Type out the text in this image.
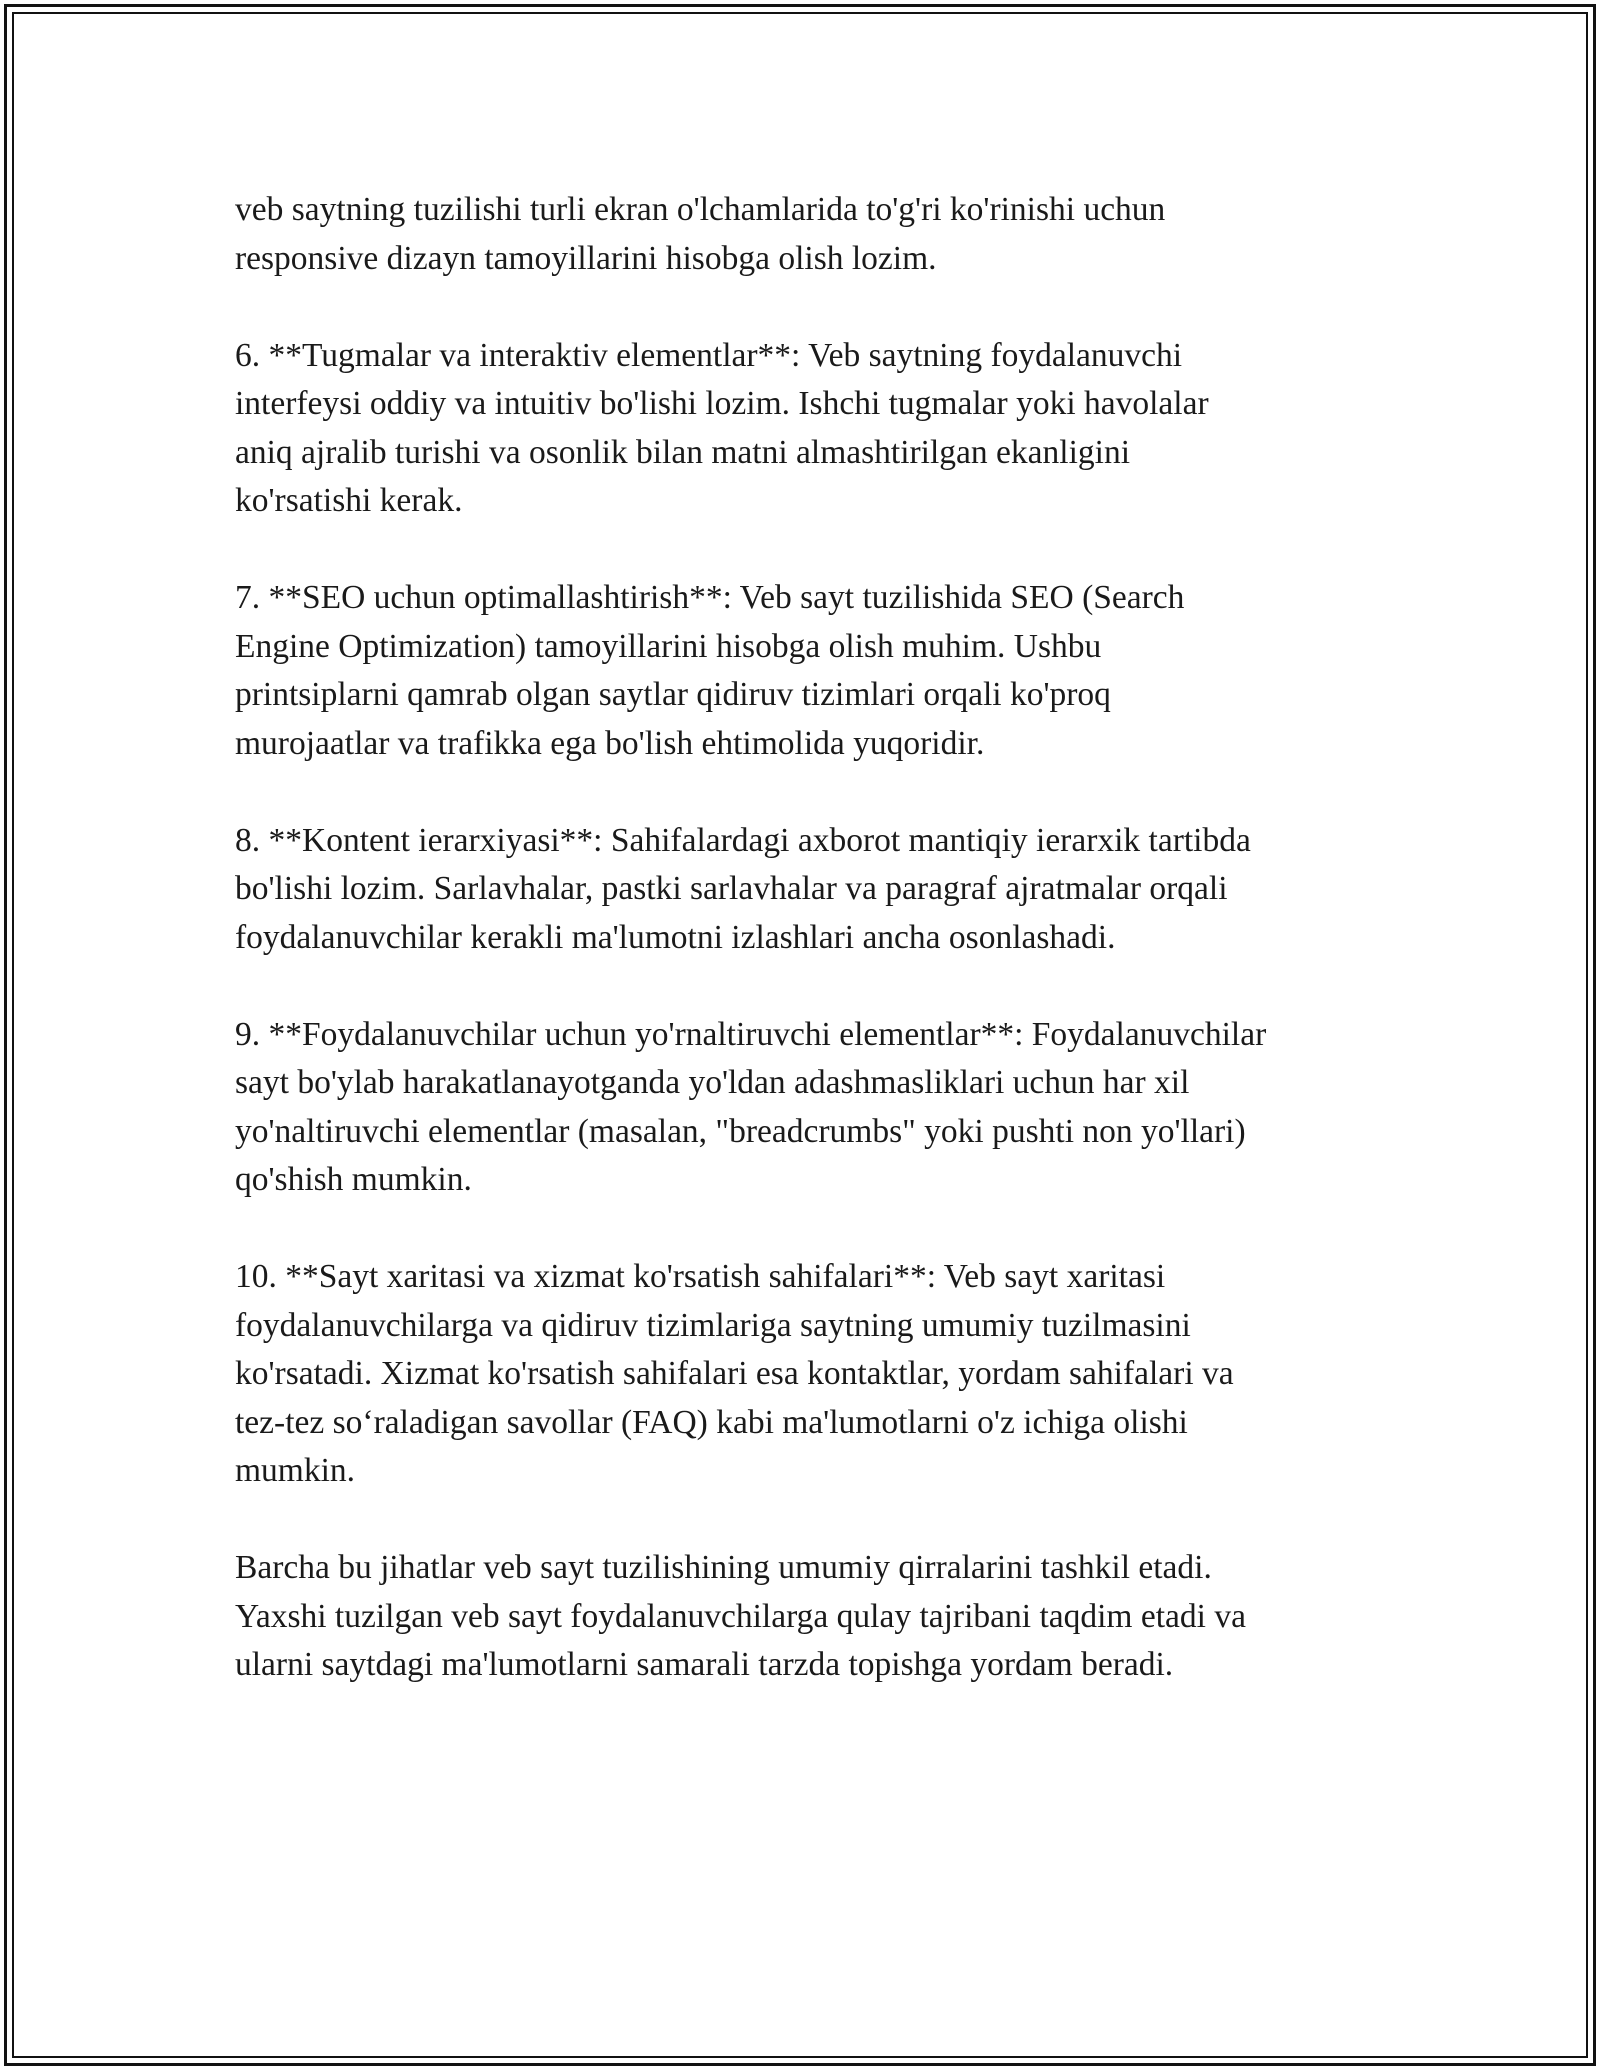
veb saytning tuzilishi turli ekran o'lchamlarida to'g'ri ko'rinishi uchun
responsive dizayn tamoyillarini hisobga olish lozim.

6. **Tugmalar va interaktiv elementlar**: Veb saytning foydalanuvchi
interfeysi oddiy va intuitiv bo'lishi lozim. Ishchi tugmalar yoki havolalar
aniq ajralib turishi va osonlik bilan matni almashtirilgan ekanligini
ko'rsatishi kerak.

7. **SEO uchun optimallashtirish**: Veb sayt tuzilishida SEO (Search
Engine Optimization) tamoyillarini hisobga olish muhim. Ushbu
printsiplarni qamrab olgan saytlar qidiruv tizimlari orqali ko'proq
murojaatlar va trafikka ega bo'lish ehtimolida yuqoridir.

8. **Kontent ierarxiyasi**: Sahifalardagi axborot mantiqiy ierarxik tartibda
bo'lishi lozim. Sarlavhalar, pastki sarlavhalar va paragraf ajratmalar orqali
foydalanuvchilar kerakli ma'lumotni izlashlari ancha osonlashadi.

9. **Foydalanuvchilar uchun yo'rnaltiruvchi elementlar**: Foydalanuvchilar
sayt bo'ylab harakatlanayotganda yo'ldan adashmasliklari uchun har xil
yo'naltiruvchi elementlar (masalan, "breadcrumbs" yoki pushti non yo'llari)
qo'shish mumkin.

10. **Sayt xaritasi va xizmat ko'rsatish sahifalari**: Veb sayt xaritasi
foydalanuvchilarga va qidiruv tizimlariga saytning umumiy tuzilmasini
ko'rsatadi. Xizmat ko'rsatish sahifalari esa kontaktlar, yordam sahifalari va
tez-tez so‘raladigan savollar (FAQ) kabi ma'lumotlarni o'z ichiga olishi
mumkin.

Barcha bu jihatlar veb sayt tuzilishining umumiy qirralarini tashkil etadi.
Yaxshi tuzilgan veb sayt foydalanuvchilarga qulay tajribani taqdim etadi va
ularni saytdagi ma'lumotlarni samarali tarzda topishga yordam beradi.
